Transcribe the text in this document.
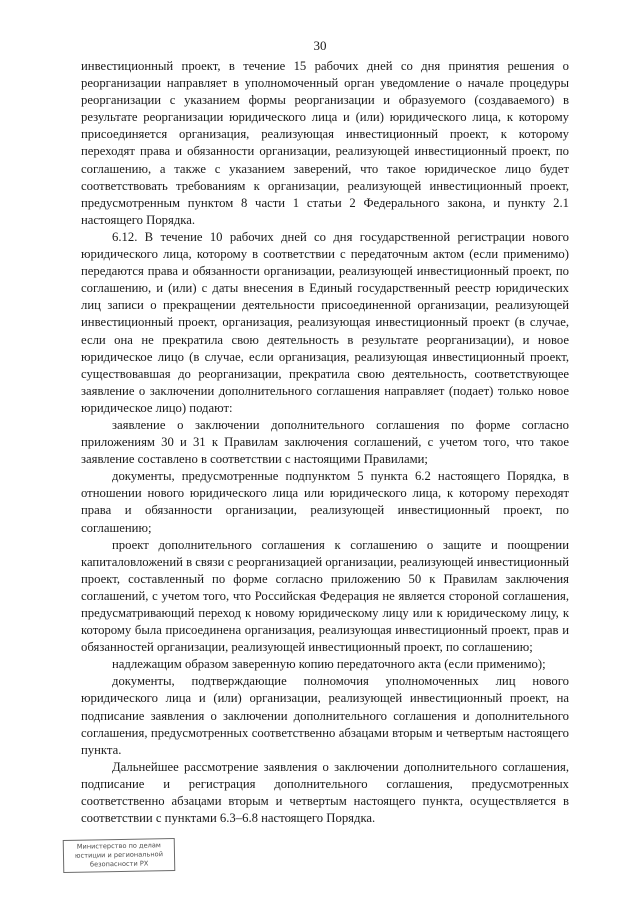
30

инвестиционный проект, в течение 15 рабочих дней со дня принятия решения о реорганизации направляет в уполномоченный орган уведомление о начале процедуры реорганизации с указанием формы реорганизации и образуемого (создаваемого) в результате реорганизации юридического лица и (или) юридического лица, к которому присоединяется организация, реализующая инвестиционный проект, к которому переходят права и обязанности организации, реализующей инвестиционный проект, по соглашению, а также с указанием заверений, что такое юридическое лицо будет соответствовать требованиям к организации, реализующей инвестиционный проект, предусмотренным пунктом 8 части 1 статьи 2 Федерального закона, и пункту 2.1 настоящего Порядка.

6.12. В течение 10 рабочих дней со дня государственной регистрации нового юридического лица, которому в соответствии с передаточным актом (если применимо) передаются права и обязанности организации, реализующей инвестиционный проект, по соглашению, и (или) с даты внесения в Единый государственный реестр юридических лиц записи о прекращении деятельности присоединенной организации, реализующей инвестиционный проект, организация, реализующая инвестиционный проект (в случае, если она не прекратила свою деятельность в результате реорганизации), и новое юридическое лицо (в случае, если организация, реализующая инвестиционный проект, существовавшая до реорганизации, прекратила свою деятельность, соответствующее заявление о заключении дополнительного соглашения направляет (подает) только новое юридическое лицо) подают:

заявление о заключении дополнительного соглашения по форме согласно приложениям 30 и 31 к Правилам заключения соглашений, с учетом того, что такое заявление составлено в соответствии с настоящими Правилами;

документы, предусмотренные подпунктом 5 пункта 6.2 настоящего Порядка, в отношении нового юридического лица или юридического лица, к которому переходят права и обязанности организации, реализующей инвестиционный проект, по соглашению;

проект дополнительного соглашения к соглашению о защите и поощрении капиталовложений в связи с реорганизацией организации, реализующей инвестиционный проект, составленный по форме согласно приложению 50 к Правилам заключения соглашений, с учетом того, что Российская Федерация не является стороной соглашения, предусматривающий переход к новому юридическому лицу или к юридическому лицу, к которому была присоединена организация, реализующая инвестиционный проект, прав и обязанностей организации, реализующей инвестиционный проект, по соглашению;

надлежащим образом заверенную копию передаточного акта (если применимо);

документы, подтверждающие полномочия уполномоченных лиц нового юридического лица и (или) организации, реализующей инвестиционный проект, на подписание заявления о заключении дополнительного соглашения и дополнительного соглашения, предусмотренных соответственно абзацами вторым и четвертым настоящего пункта.

Дальнейшее рассмотрение заявления о заключении дополнительного соглашения, подписание и регистрация дополнительного соглашения, предусмотренных соответственно абзацами вторым и четвертым настоящего пункта, осуществляется в соответствии с пунктами 6.3–6.8 настоящего Порядка.

Министерство по делам
юстиции и региональной
безопасности РХ
